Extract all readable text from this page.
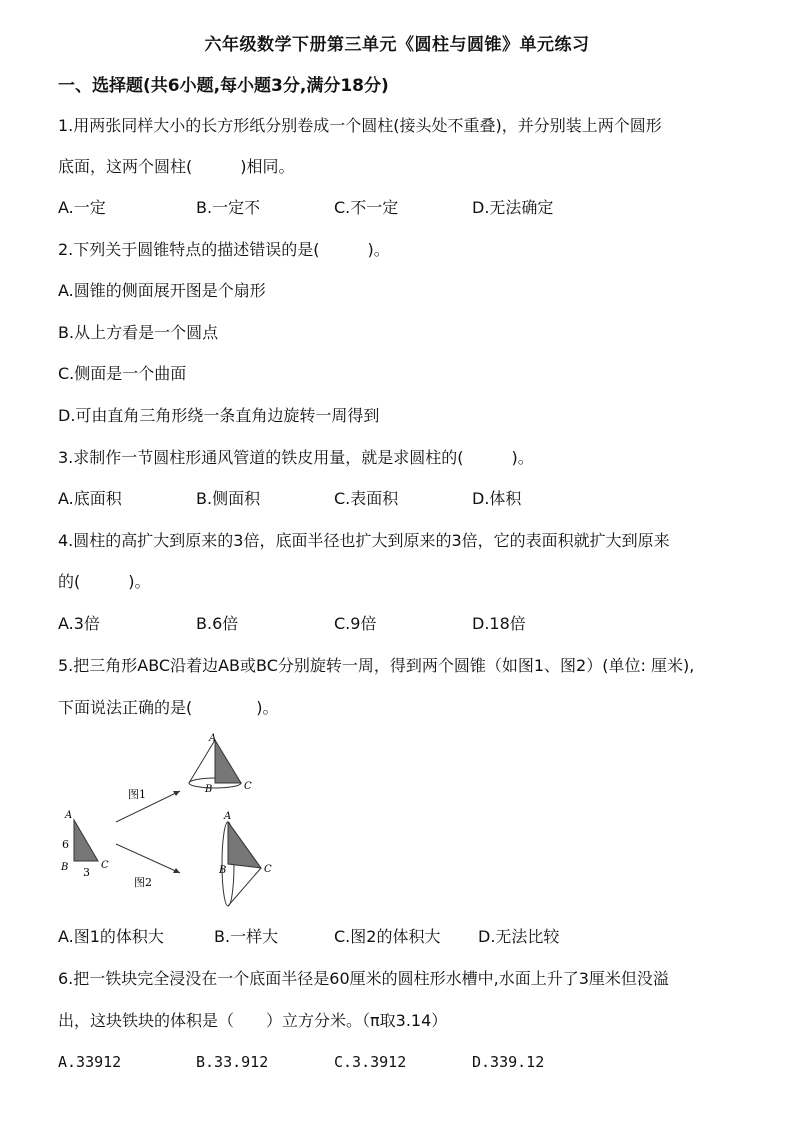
六年级数学下册第三单元《圆柱与圆锥》单元练习
一、选择题(共6小题,每小题3分,满分18分)
1.用两张同样大小的长方形纸分别卷成一个圆柱(接头处不重叠)，并分别装上两个圆形
底面，这两个圆柱(　　　)相同。
A.一定	B.一定不	C.不一定	D.无法确定
2.下列关于圆锥特点的描述错误的是(　　　)。
A.圆锥的侧面展开图是个扇形
B.从上方看是一个圆点
C.侧面是一个曲面
D.可由直角三角形绕一条直角边旋转一周得到
3.求制作一节圆柱形通风管道的铁皮用量，就是求圆柱的(　　　)。
A.底面积	B.侧面积	C.表面积	D.体积
4.圆柱的高扩大到原来的3倍，底面半径也扩大到原来的3倍，它的表面积就扩大到原来
的(　　　)。
A.3倍	B.6倍	C.9倍	D.18倍
5.把三角形ABC沿着边AB或BC分别旋转一周，得到两个圆锥（如图1、图2）(单位: 厘米),
下面说法正确的是(　　　　)。
A
6
B	C
3
图1
图2
A
B	C
A
B	C
A.图1的体积大	B.一样大	C.图2的体积大 D.无法比较
6.把一铁块完全浸没在一个底面半径是60厘米的圆柱形水槽中,水面上升了3厘米但没溢
出，这块铁块的体积是（　　）立方分米。（π取3.14）
A.33912	B.33.912	C.3.3912	D.339.12
